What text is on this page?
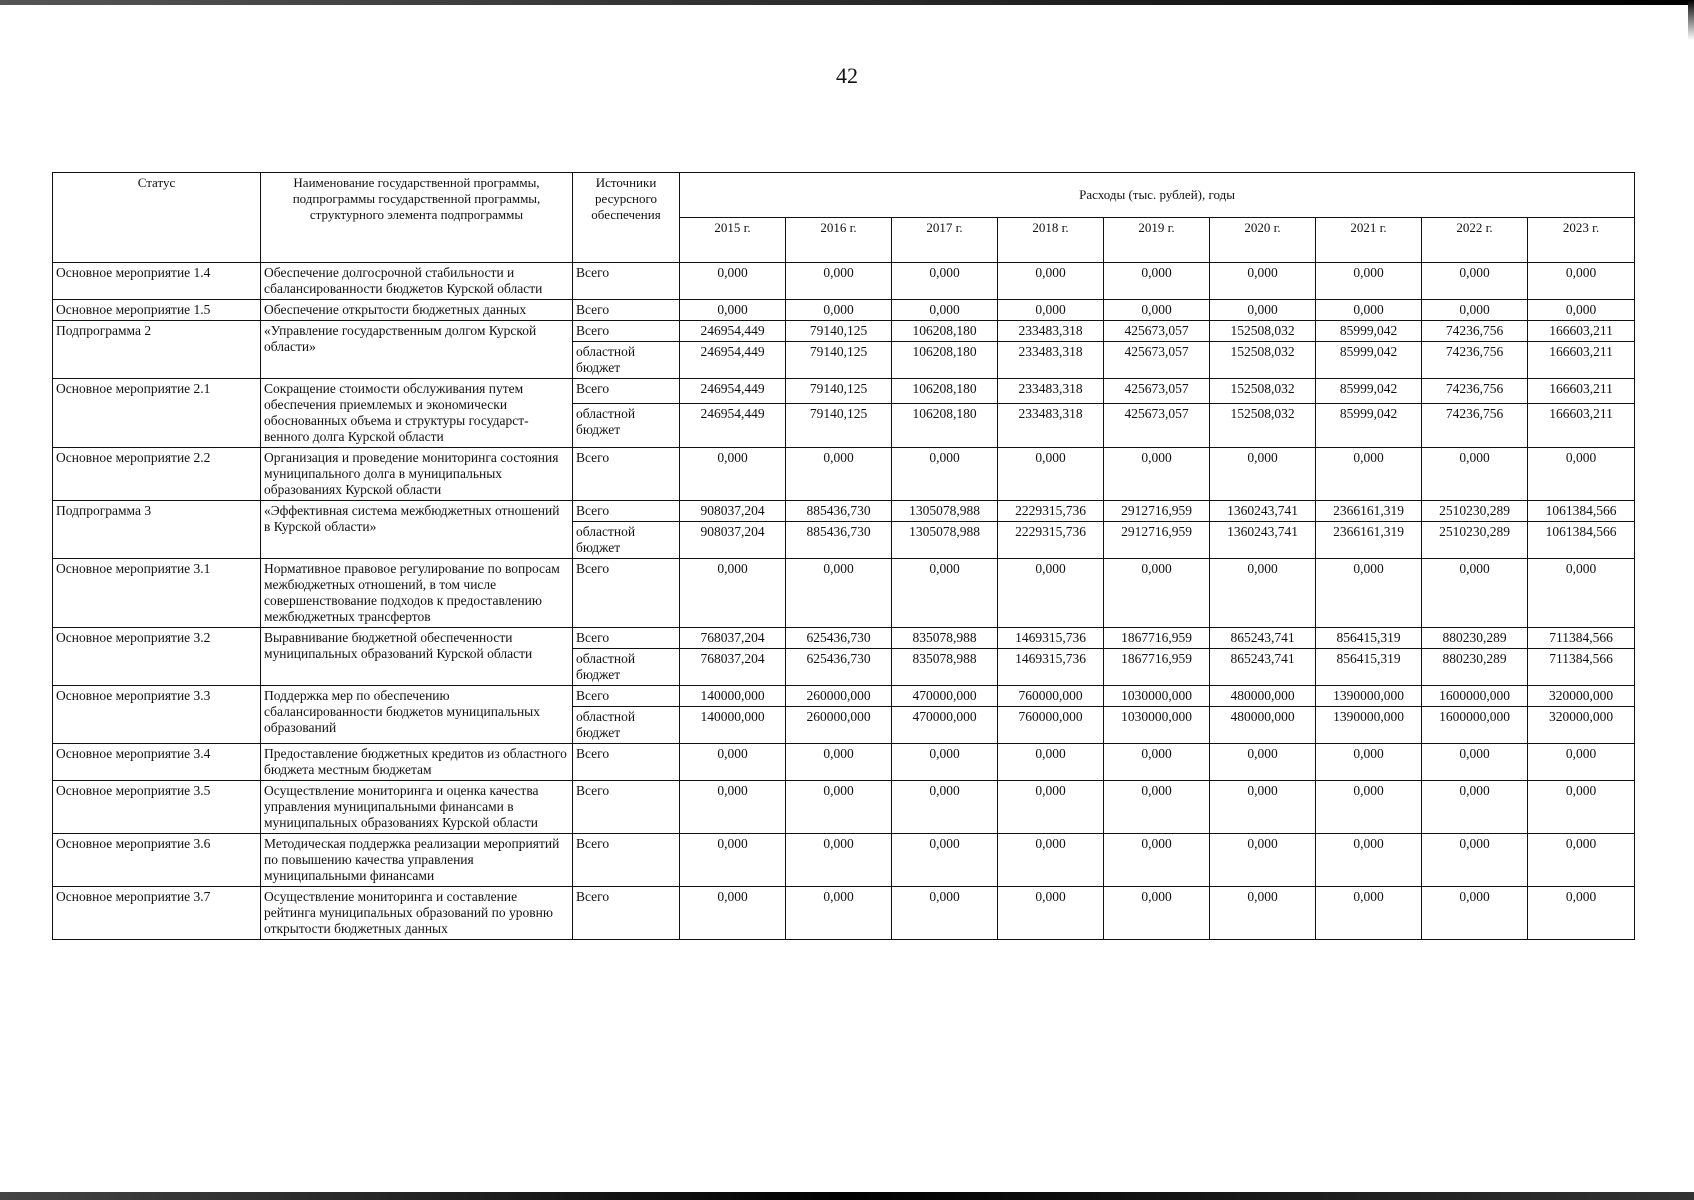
42
Статус	Наименование государственной программы, подпрограммы государственной программы, структурного элемента подпрограммы	Источники ресурсного обеспечения	Расходы (тыс. рублей), годы								
			2015 г.	2016 г.	2017 г.	2018 г.	2019 г.	2020 г.	2021 г.	2022 г.	2023 г.
Основное мероприятие 1.4	Обеспечение долгосрочной стабильности и сбалансированности бюджетов Курской области	Всего	0,000	0,000	0,000	0,000	0,000	0,000	0,000	0,000	0,000
Основное мероприятие 1.5	Обеспечение открытости бюджетных данных	Всего	0,000	0,000	0,000	0,000	0,000	0,000	0,000	0,000	0,000
Подпрограмма 2	«Управление государственным долгом Курской области»	Всего	246954,449	79140,125	106208,180	233483,318	425673,057	152508,032	85999,042	74236,756	166603,211
		областной бюджет	246954,449	79140,125	106208,180	233483,318	425673,057	152508,032	85999,042	74236,756	166603,211
Основное мероприятие 2.1	Сокращение стоимости обслуживания путем обеспечения приемлемых и экономически обоснованных объема и структуры государст-венного долга Курской области	Всего	246954,449	79140,125	106208,180	233483,318	425673,057	152508,032	85999,042	74236,756	166603,211
		областной бюджет	246954,449	79140,125	106208,180	233483,318	425673,057	152508,032	85999,042	74236,756	166603,211
Основное мероприятие 2.2	Организация и проведение мониторинга состояния муниципального долга в муниципальных образованиях Курской области	Всего	0,000	0,000	0,000	0,000	0,000	0,000	0,000	0,000	0,000
Подпрограмма 3	«Эффективная система межбюджетных отношений в Курской области»	Всего	908037,204	885436,730	1305078,988	2229315,736	2912716,959	1360243,741	2366161,319	2510230,289	1061384,566
		областной бюджет	908037,204	885436,730	1305078,988	2229315,736	2912716,959	1360243,741	2366161,319	2510230,289	1061384,566
Основное мероприятие 3.1	Нормативное правовое регулирование по вопросам межбюджетных отношений, в том числе совершенствование подходов к предоставлению межбюджетных трансфертов	Всего	0,000	0,000	0,000	0,000	0,000	0,000	0,000	0,000	0,000
Основное мероприятие 3.2	Выравнивание бюджетной обеспеченности муниципальных образований Курской области	Всего	768037,204	625436,730	835078,988	1469315,736	1867716,959	865243,741	856415,319	880230,289	711384,566
		областной бюджет	768037,204	625436,730	835078,988	1469315,736	1867716,959	865243,741	856415,319	880230,289	711384,566
Основное мероприятие 3.3	Поддержка мер по обеспечению сбалансированности бюджетов муниципальных образований	Всего	140000,000	260000,000	470000,000	760000,000	1030000,000	480000,000	1390000,000	1600000,000	320000,000
		областной бюджет	140000,000	260000,000	470000,000	760000,000	1030000,000	480000,000	1390000,000	1600000,000	320000,000
Основное мероприятие 3.4	Предоставление бюджетных кредитов из областного бюджета местным бюджетам	Всего	0,000	0,000	0,000	0,000	0,000	0,000	0,000	0,000	0,000
Основное мероприятие 3.5	Осуществление мониторинга и оценка качества управления муниципальными финансами в муниципальных образованиях Курской области	Всего	0,000	0,000	0,000	0,000	0,000	0,000	0,000	0,000	0,000
Основное мероприятие 3.6	Методическая поддержка реализации мероприятий по повышению качества управления муниципальными финансами	Всего	0,000	0,000	0,000	0,000	0,000	0,000	0,000	0,000	0,000
Основное мероприятие 3.7	Осуществление мониторинга и составление рейтинга муниципальных образований по уровню открытости бюджетных данных	Всего	0,000	0,000	0,000	0,000	0,000	0,000	0,000	0,000	0,000
